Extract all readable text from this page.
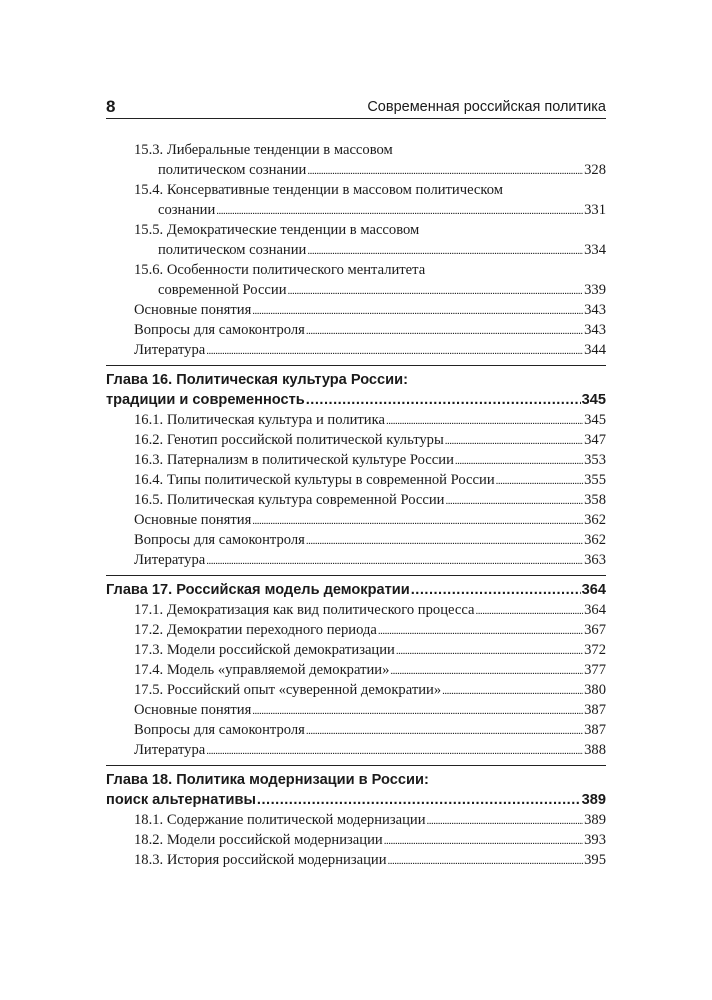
8	Современная российская политика
15.3. Либеральные тенденции в массовом
политическом сознании .....	328
15.4. Консервативные тенденции в массовом политическом
сознании .....	331
15.5. Демократические тенденции в массовом
политическом сознании .....	334
15.6. Особенности политического менталитета
современной России .....	339
Основные понятия .....	343
Вопросы для самоконтроля .....	343
Литература .....	344
Глава 16. Политическая культура России:
традиции и современность .....	345
16.1. Политическая культура и политика .....	345
16.2. Генотип российской политической культуры .....	347
16.3. Патернализм в политической культуре России .....	353
16.4. Типы политической культуры в современной России .....	355
16.5. Политическая культура современной России .....	358
Основные понятия .....	362
Вопросы для самоконтроля .....	362
Литература .....	363
Глава 17. Российская модель демократии .....	364
17.1. Демократизация как вид политического процесса .....	364
17.2. Демократии переходного периода .....	367
17.3. Модели российской демократизации .....	372
17.4. Модель «управляемой демократии» .....	377
17.5. Российский опыт «суверенной демократии» .....	380
Основные понятия .....	387
Вопросы для самоконтроля .....	387
Литература .....	388
Глава 18. Политика модернизации в России:
поиск альтернативы .....	389
18.1. Содержание политической модернизации .....	389
18.2. Модели российской модернизации .....	393
18.3. История российской модернизации .....	395
